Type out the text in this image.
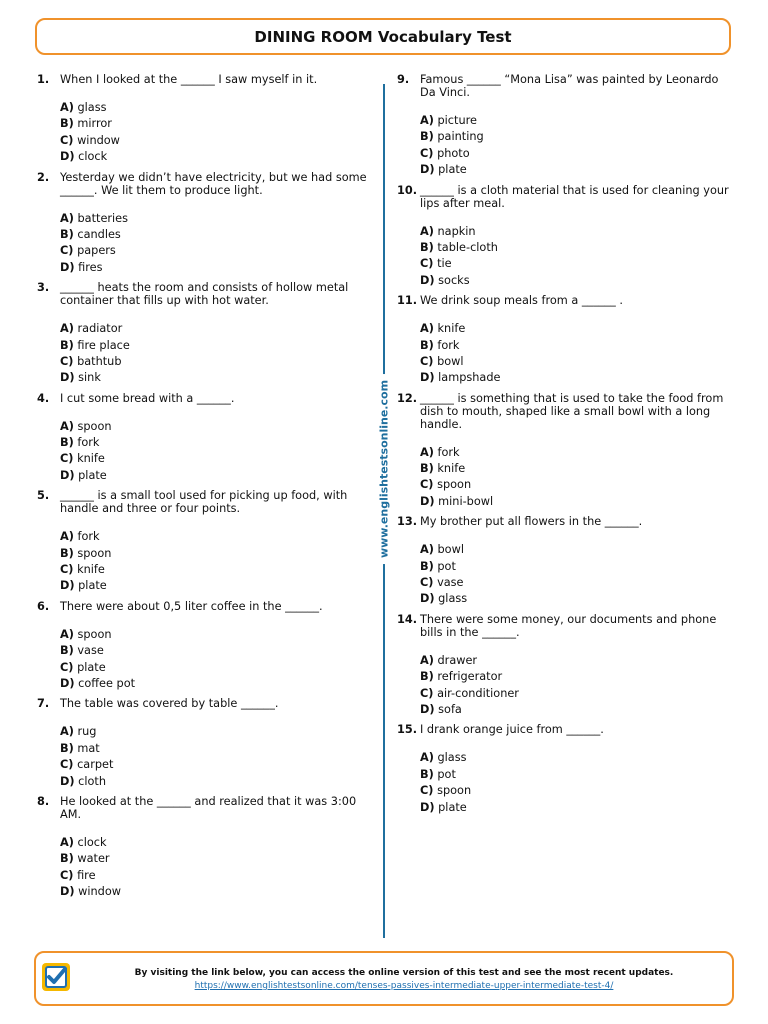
DINING ROOM Vocabulary Test
1. When I looked at the ______ I saw myself in it.
A) glass
B) mirror
C) window
D) clock
2. Yesterday we didn’t have electricity, but we had some ______. We lit them to produce light.
A) batteries
B) candles
C) papers
D) fires
3. ______ heats the room and consists of hollow metal container that fills up with hot water.
A) radiator
B) fire place
C) bathtub
D) sink
4. I cut some bread with a ______.
A) spoon
B) fork
C) knife
D) plate
5. ______ is a small tool used for picking up food, with handle and three or four points.
A) fork
B) spoon
C) knife
D) plate
6. There were about 0,5 liter coffee in the ______.
A) spoon
B) vase
C) plate
D) coffee pot
7. The table was covered by table ______.
A) rug
B) mat
C) carpet
D) cloth
8. He looked at the ______ and realized that it was 3:00 AM.
A) clock
B) water
C) fire
D) window
www.englishtestsonline.com
9. Famous ______ “Mona Lisa” was painted by Leonardo Da Vinci.
A) picture
B) painting
C) photo
D) plate
10. ______ is a cloth material that is used for cleaning your lips after meal.
A) napkin
B) table-cloth
C) tie
D) socks
11. We drink soup meals from a ______ .
A) knife
B) fork
C) bowl
D) lampshade
12. ______ is something that is used to take the food from dish to mouth, shaped like a small bowl with a long handle.
A) fork
B) knife
C) spoon
D) mini-bowl
13. My brother put all flowers in the ______.
A) bowl
B) pot
C) vase
D) glass
14. There were some money, our documents and phone bills in the ______.
A) drawer
B) refrigerator
C) air-conditioner
D) sofa
15. I drank orange juice from ______.
A) glass
B) pot
C) spoon
D) plate
By visiting the link below, you can access the online version of this test and see the most recent updates.
https://www.englishtestsonline.com/tenses-passives-intermediate-upper-intermediate-test-4/
